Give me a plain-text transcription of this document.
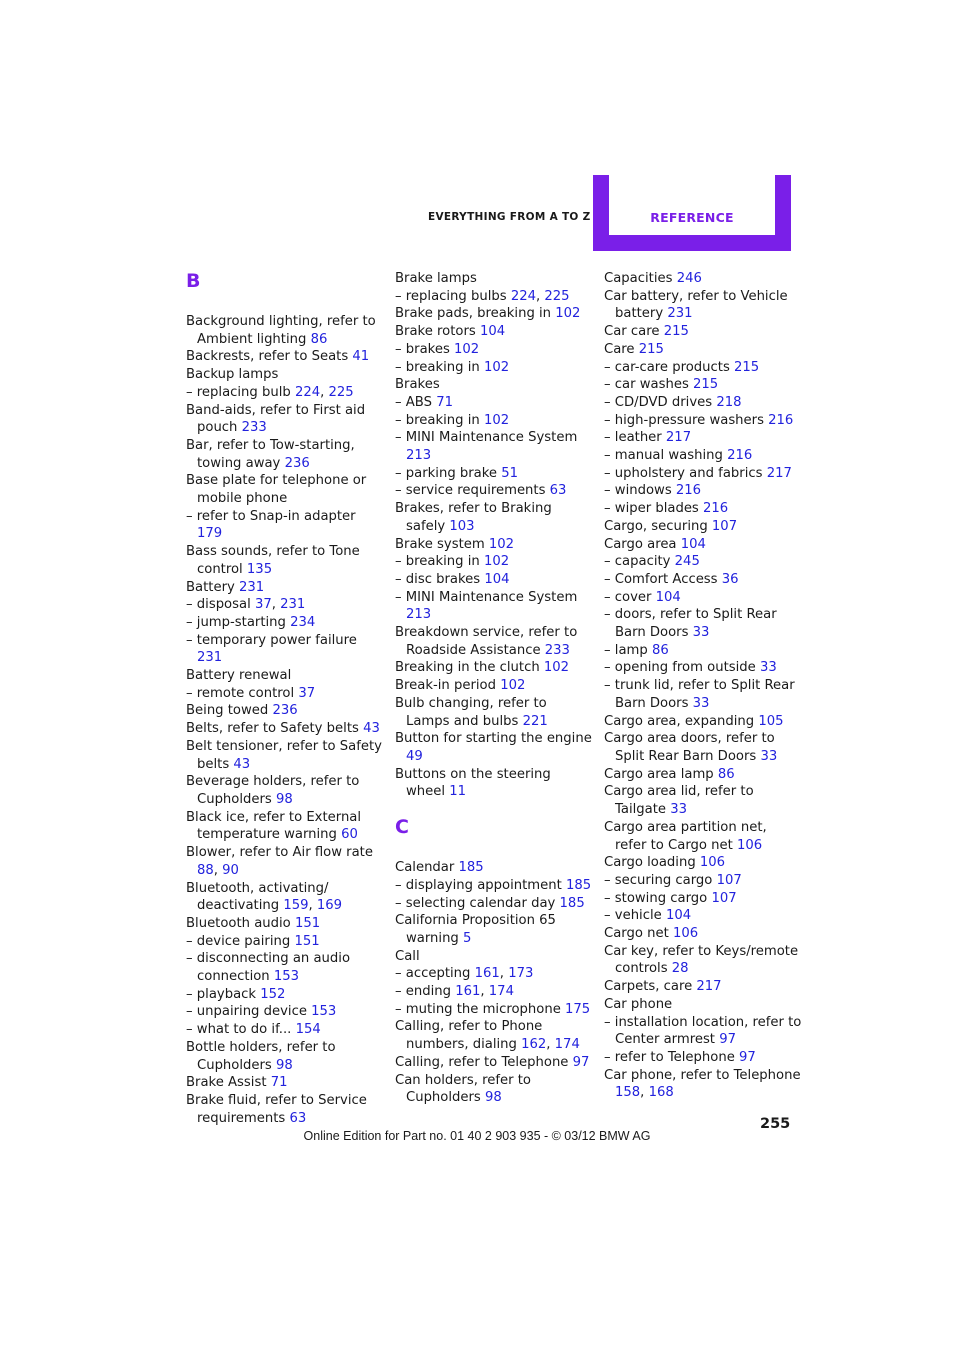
EVERYTHING FROM A TO Z	REFERENCE
B
Background lighting, refer to Ambient lighting 86
Backrests, refer to Seats 41
Backup lamps
– replacing bulb 224, 225
Band-aids, refer to First aid pouch 233
Bar, refer to Tow-starting, towing away 236
Base plate for telephone or mobile phone
– refer to Snap-in adapter 179
Bass sounds, refer to Tone control 135
Battery 231
– disposal 37, 231
– jump-starting 234
– temporary power failure 231
Battery renewal
– remote control 37
Being towed 236
Belts, refer to Safety belts 43
Belt tensioner, refer to Safety belts 43
Beverage holders, refer to Cupholders 98
Black ice, refer to External temperature warning 60
Blower, refer to Air flow rate 88, 90
Bluetooth, activating/ deactivating 159, 169
Bluetooth audio 151
– device pairing 151
– disconnecting an audio connection 153
– playback 152
– unpairing device 153
– what to do if... 154
Bottle holders, refer to Cupholders 98
Brake Assist 71
Brake fluid, refer to Service requirements 63
Brake lamps
– replacing bulbs 224, 225
Brake pads, breaking in 102
Brake rotors 104
– brakes 102
– breaking in 102
Brakes
– ABS 71
– breaking in 102
– MINI Maintenance System 213
– parking brake 51
– service requirements 63
Brakes, refer to Braking safely 103
Brake system 102
– breaking in 102
– disc brakes 104
– MINI Maintenance System 213
Breakdown service, refer to Roadside Assistance 233
Breaking in the clutch 102
Break-in period 102
Bulb changing, refer to Lamps and bulbs 221
Button for starting the engine 49
Buttons on the steering wheel 11
C
Calendar 185
– displaying appointment 185
– selecting calendar day 185
California Proposition 65 warning 5
Call
– accepting 161, 173
– ending 161, 174
– muting the microphone 175
Calling, refer to Phone numbers, dialing 162, 174
Calling, refer to Telephone 97
Can holders, refer to Cupholders 98
Capacities 246
Car battery, refer to Vehicle battery 231
Car care 215
Care 215
– car-care products 215
– car washes 215
– CD/DVD drives 218
– high-pressure washers 216
– leather 217
– manual washing 216
– upholstery and fabrics 217
– windows 216
– wiper blades 216
Cargo, securing 107
Cargo area 104
– capacity 245
– Comfort Access 36
– cover 104
– doors, refer to Split Rear Barn Doors 33
– lamp 86
– opening from outside 33
– trunk lid, refer to Split Rear Barn Doors 33
Cargo area, expanding 105
Cargo area doors, refer to Split Rear Barn Doors 33
Cargo area lamp 86
Cargo area lid, refer to Tailgate 33
Cargo area partition net, refer to Cargo net 106
Cargo loading 106
– securing cargo 107
– stowing cargo 107
– vehicle 104
Cargo net 106
Car key, refer to Keys/remote controls 28
Carpets, care 217
Car phone
– installation location, refer to Center armrest 97
– refer to Telephone 97
Car phone, refer to Telephone 158, 168
255
Online Edition for Part no. 01 40 2 903 935 - © 03/12 BMW AG
